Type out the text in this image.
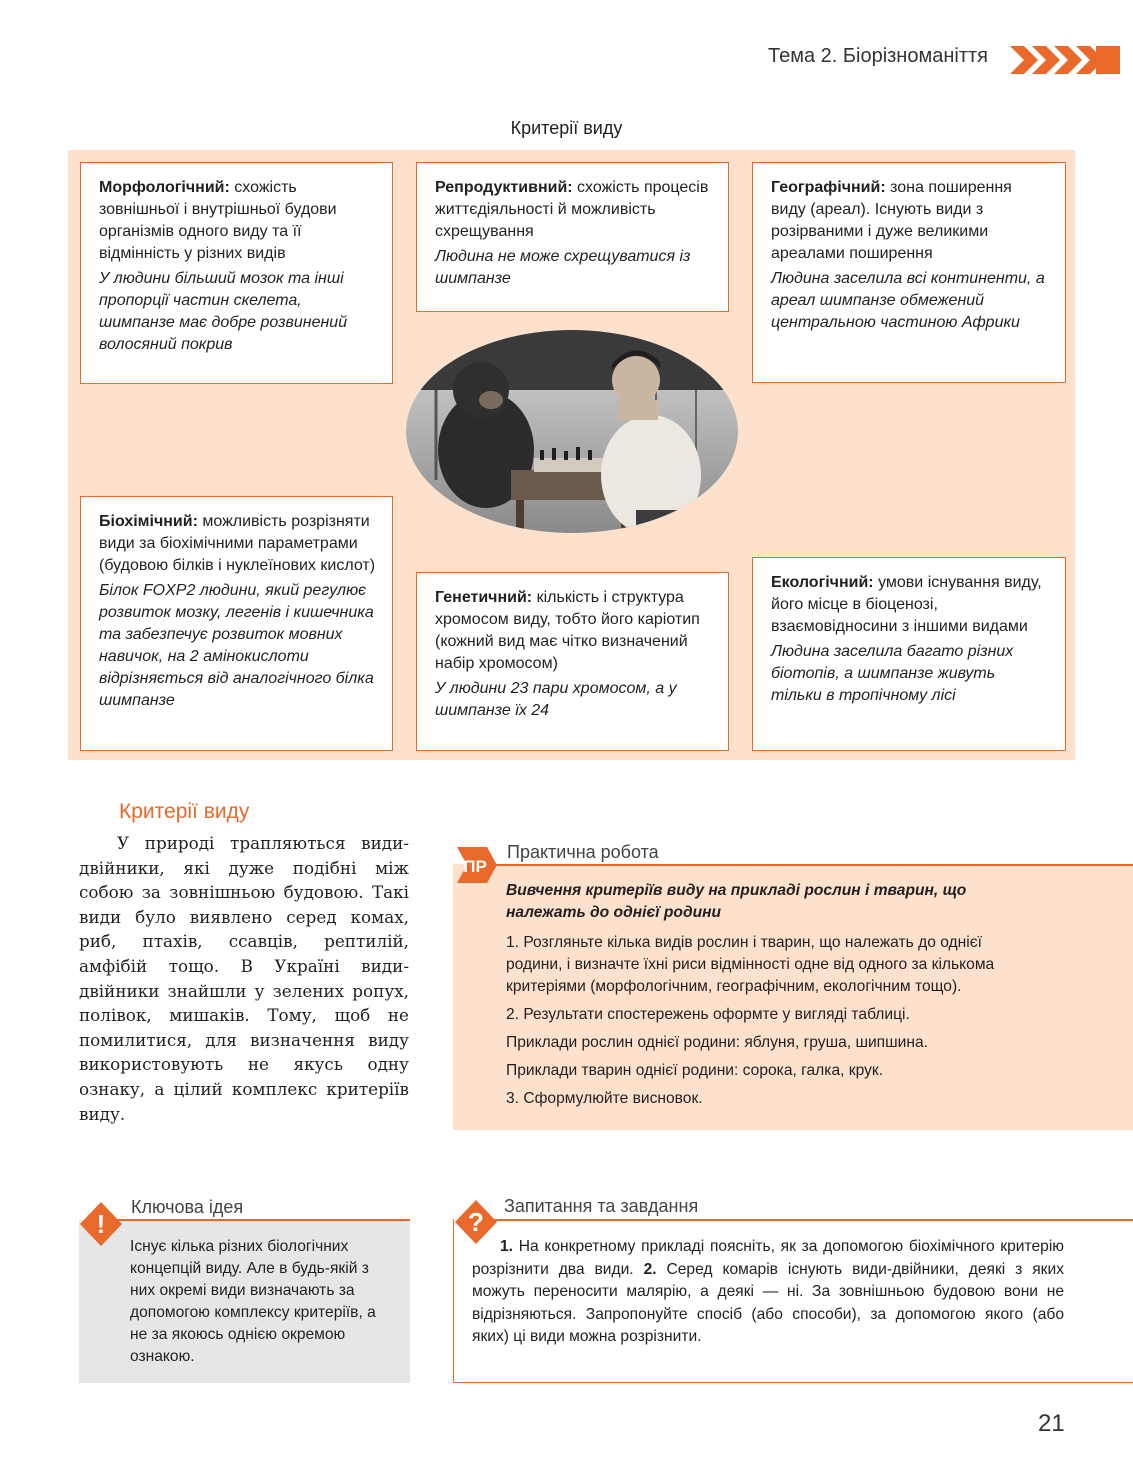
Тема 2. Біорізноманіття
Критерії виду
Морфологічний: схожість зовнішньої і внутрішньої будови організмів одного виду та її відмінність у різних видів
У людини більший мозок та інші пропорції частин скелета, шимпанзе має добре розвинений волосяний покрив
Репродуктивний: схожість процесів життєдіяльності й можливість схрещування
Людина не може схрещуватися із шимпанзе
Географічний: зона поширення виду (ареал). Існують види з розірваними і дуже великими ареалами поширення
Людина заселила всі континенти, а ареал шимпанзе обмежений центральною частиною Африки
Біохімічний: можливість розрізняти види за біохімічними параметрами (будовою білків і нуклеїнових кислот)
Білок FOXP2 людини, який регулює розвиток мозку, легенів і кишечника та забезпечує розвиток мовних навичок, на 2 амінокислоти відрізняється від аналогічного білка шимпанзе
Генетичний: кількість і структура хромосом виду, тобто його каріотип (кожний вид має чітко визначений набір хромосом)
У людини 23 пари хромосом, а у шимпанзе їх 24
Екологічний: умови існування виду, його місце в біоценозі, взаємовідносини з іншими видами
Людина заселила багато різних біотопів, а шимпанзе живуть тільки в тропічному лісі
Критерії виду
У природі трапляються види-двійники, які дуже подібні між собою за зовнішньою будовою. Такі види було виявлено серед комах, риб, птахів, ссавців, рептилій, амфібій тощо. В Україні види-двійники знайшли у зелених ропух, полівок, мишаків. Тому, щоб не помилитися, для визначення виду використовують не якусь одну ознаку, а цілий комплекс критеріїв виду.
ПР
Практична робота
Вивчення критеріїв виду на прикладі рослин і тварин, що належать до однієї родини

1. Розгляньте кілька видів рослин і тварин, що належать до однієї родини, і визначте їхні риси відмінності одне від одного за кількома критеріями (морфологічним, географічним, екологічним тощо).

2. Результати спостережень оформте у вигляді таблиці.

Приклади рослин однієї родини: яблуня, груша, шипшина.

Приклади тварин однієї родини: сорока, галка, крук.

3. Сформулюйте висновок.

!
Ключова ідея
Існує кілька різних біологічних концепцій виду. Але в будь-якій з них окремі види визначають за допомогою комплексу критеріїв, а не за якоюсь однією окремою ознакою.
?
Запитання та завдання
1. На конкретному прикладі поясніть, як за допомогою біохімічного критерію розрізнити два види. 2. Серед комарів існують види-двійники, деякі з яких можуть переносити малярію, а деякі — ні. За зовнішньою будовою вони не відрізняються. Запропонуйте спосіб (або способи), за допомогою якого (або яких) ці види можна розрізнити.
21
